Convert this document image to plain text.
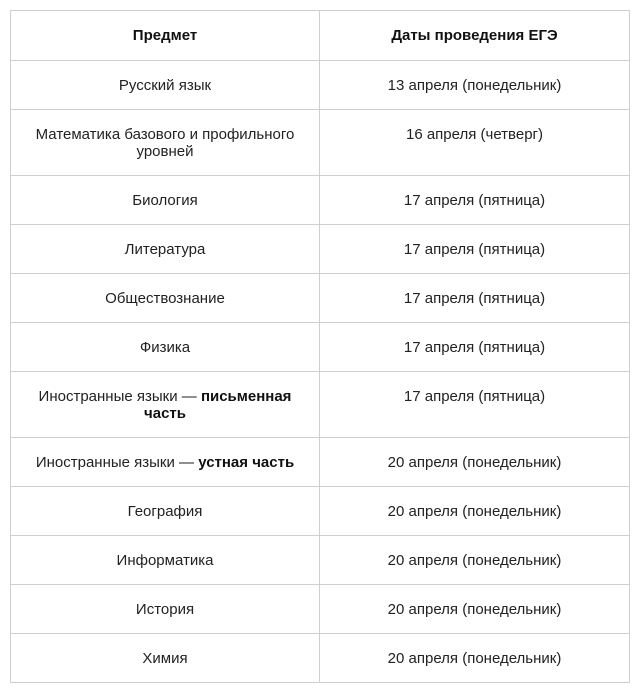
Предмет	Даты проведения ЕГЭ
Русский язык	13 апреля (понедельник)
Математика базового и профильного уровней	16 апреля (четверг)
Биология	17 апреля (пятница)
Литература	17 апреля (пятница)
Обществознание	17 апреля (пятница)
Физика	17 апреля (пятница)
Иностранные языки — письменная часть	17 апреля (пятница)
Иностранные языки — устная часть	20 апреля (понедельник)
География	20 апреля (понедельник)
Информатика	20 апреля (понедельник)
История	20 апреля (понедельник)
Химия	20 апреля (понедельник)
